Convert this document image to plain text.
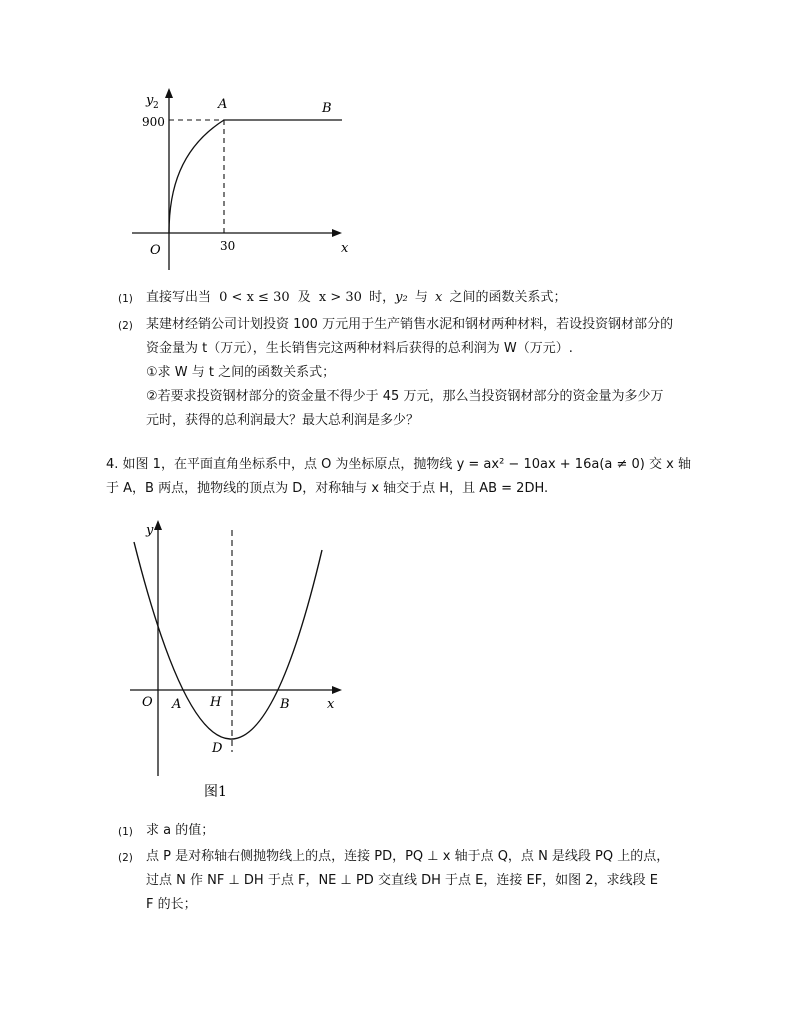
y 2
900
A	B
O	30	x
(1) 直接写出当 0 < x ≤ 30 及 x > 30 时，y₂ 与 x 之间的函数关系式；
(2) 某建材经销公司计划投资 100 万元用于生产销售水泥和钢材两种材料，若设投资钢材部分的
资金量为 t（万元），生长销售完这两种材料后获得的总利润为 W（万元）.
①求 W 与 t 之间的函数关系式；
②若要求投资钢材部分的资金量不得少于 45 万元，那么当投资钢材部分的资金量为多少万
元时，获得的总利润最大？最大总利润是多少？
4. 如图 1，在平面直角坐标系中，点 O 为坐标原点，抛物线 y = ax² − 10ax + 16a(a ≠ 0) 交 x 轴
于 A，B 两点，抛物线的顶点为 D，对称轴与 x 轴交于点 H，且 AB = 2DH.
y
O A H	B
D
x
图1
(1) 求 a 的值；
(2) 点 P 是对称轴右侧抛物线上的点，连接 PD，PQ ⊥ x 轴于点 Q，点 N 是线段 PQ 上的点，
过点 N 作 NF ⊥ DH 于点 F，NE ⊥ PD 交直线 DH 于点 E，连接 EF，如图 2，求线段 E
F 的长；
